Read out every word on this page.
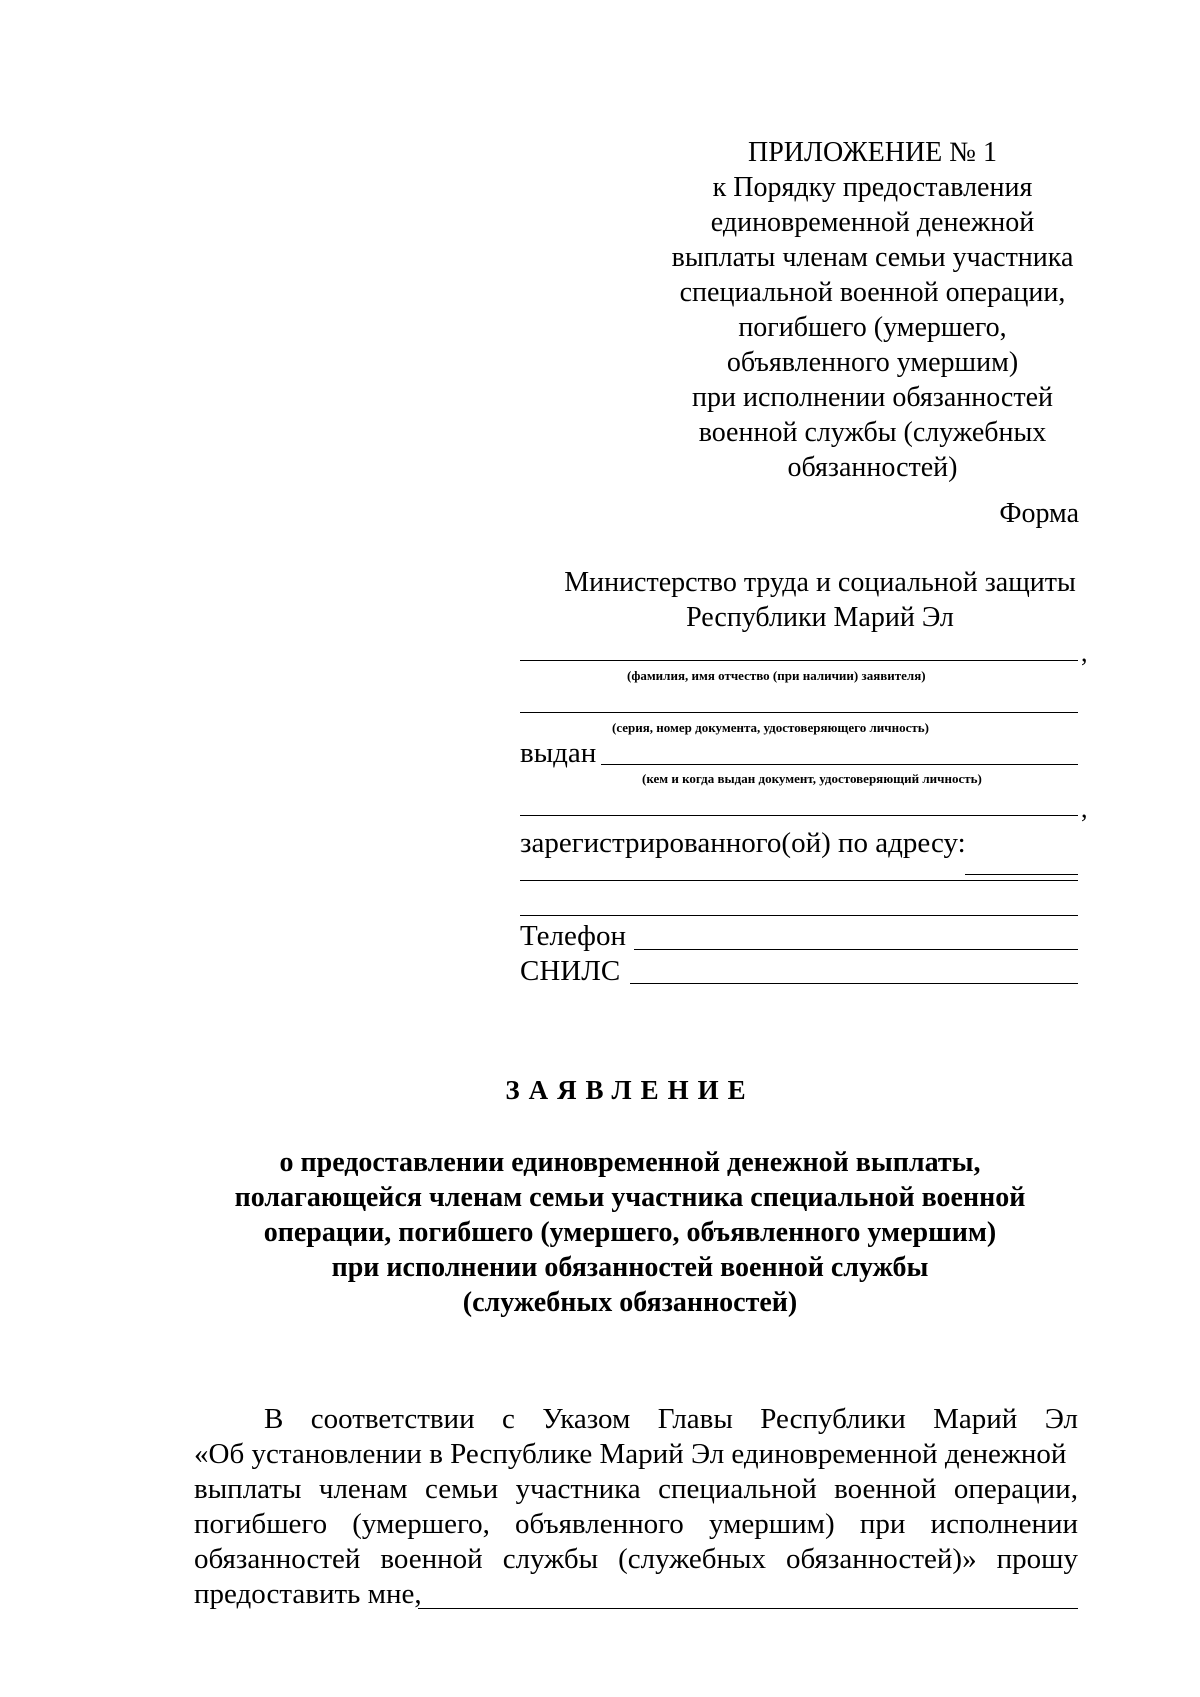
ПРИЛОЖЕНИЕ № 1
к Порядку предоставления
единовременной денежной
выплаты членам семьи участника
специальной военной операции,
погибшего (умершего,
объявленного умершим)
при исполнении обязанностей
военной службы (служебных
обязанностей)
Форма
Министерство труда и социальной защиты
Республики Марий Эл
,
(фамилия, имя отчество (при наличии) заявителя)
(серия, номер документа, удостоверяющего личность)
выдан
(кем и когда выдан документ, удостоверяющий личность)
,
зарегистрированного(ой) по адресу:
Телефон
СНИЛС
ЗАЯВЛЕНИЕ
о предоставлении единовременной денежной выплаты,
полагающейся членам семьи участника специальной военной
операции, погибшего (умершего, объявленного умершим)
при исполнении обязанностей военной службы
(служебных обязанностей)
В соответствии с Указом Главы Республики Марий Эл
«Об установлении в Республике Марий Эл единовременной денежной
выплаты членам семьи участника специальной военной операции,
погибшего (умершего, объявленного умершим) при исполнении
обязанностей военной службы (служебных обязанностей)» прошу
предоставить мне,
